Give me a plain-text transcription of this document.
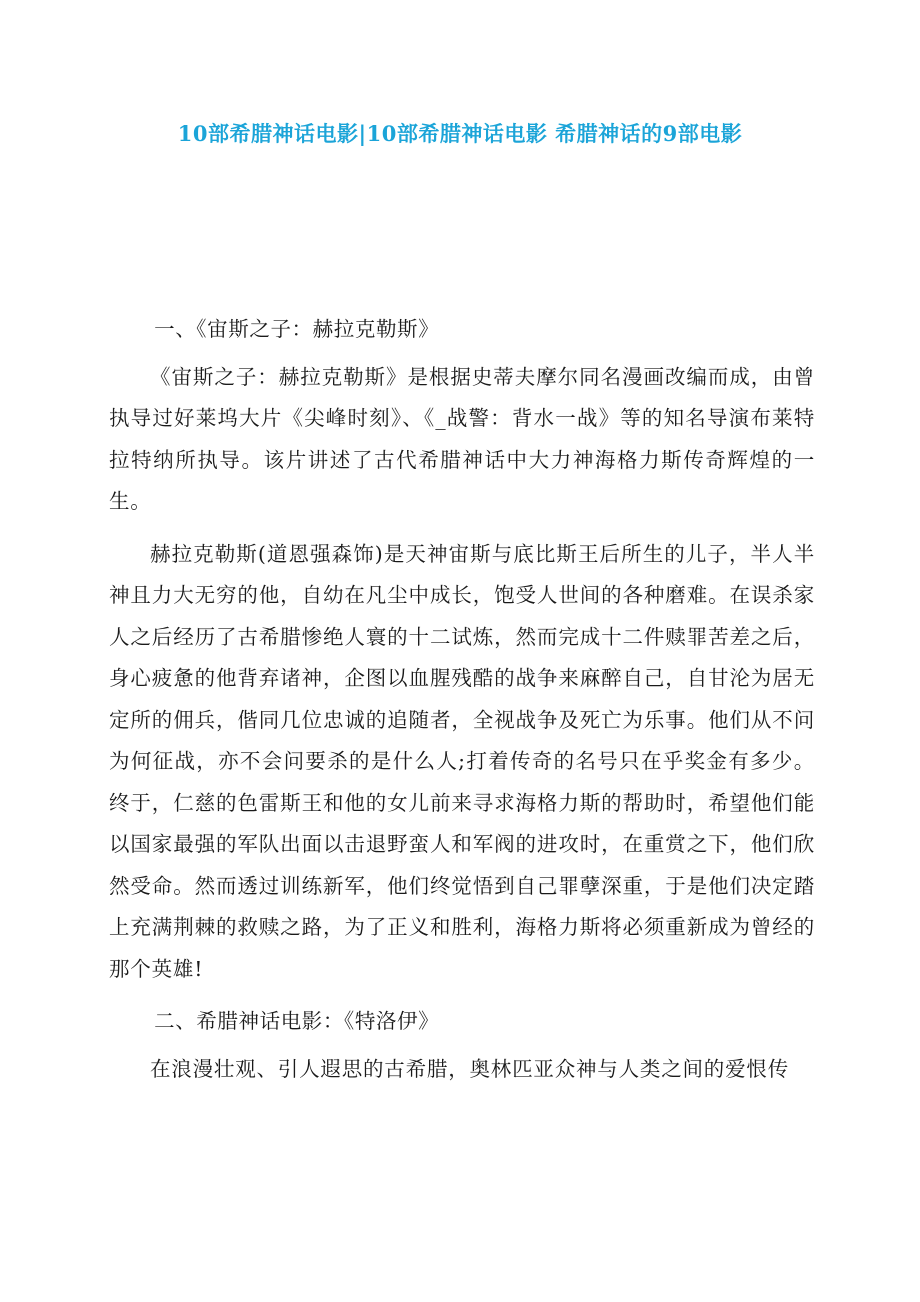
10部希腊神话电影|10部希腊神话电影 希腊神话的9部电影

一、《宙斯之子：赫拉克勒斯》

《宙斯之子：赫拉克勒斯》是根据史蒂夫摩尔同名漫画改编而成，由曾执导过好莱坞大片《尖峰时刻》、《_战警：背水一战》等的知名导演布莱特 拉特纳所执导。该片讲述了古代希腊神话中大力神海格力斯传奇辉煌的一生。

赫拉克勒斯(道恩强森饰)是天神宙斯与底比斯王后所生的儿子，半人半神且力大无穷的他，自幼在凡尘中成长，饱受人世间的各种磨难。在误杀家人之后经历了古希腊惨绝人寰的十二试炼，然而完成十二件赎罪苦差之后，身心疲惫的他背弃诸神，企图以血腥残酷的战争来麻醉自己，自甘沦为居无定所的佣兵，偕同几位忠诚的追随者，全视战争及死亡为乐事。他们从不问为何征战，亦不会问要杀的是什么人;打着传奇的名号只在乎奖金有多少。终于，仁慈的色雷斯王和他的女儿前来寻求海格力斯的帮助时，希望他们能以国家最强的军队出面以击退野蛮人和军阀的进攻时，在重赏之下，他们欣然受命。然而透过训练新军，他们终觉悟到自己罪孽深重，于是他们决定踏上充满荆棘的救赎之路，为了正义和胜利，海格力斯将必须重新成为曾经的那个英雄!

二、希腊神话电影：《特洛伊》

在浪漫壮观、引人遐思的古希腊，奥林匹亚众神与人类之间的爱恨传
